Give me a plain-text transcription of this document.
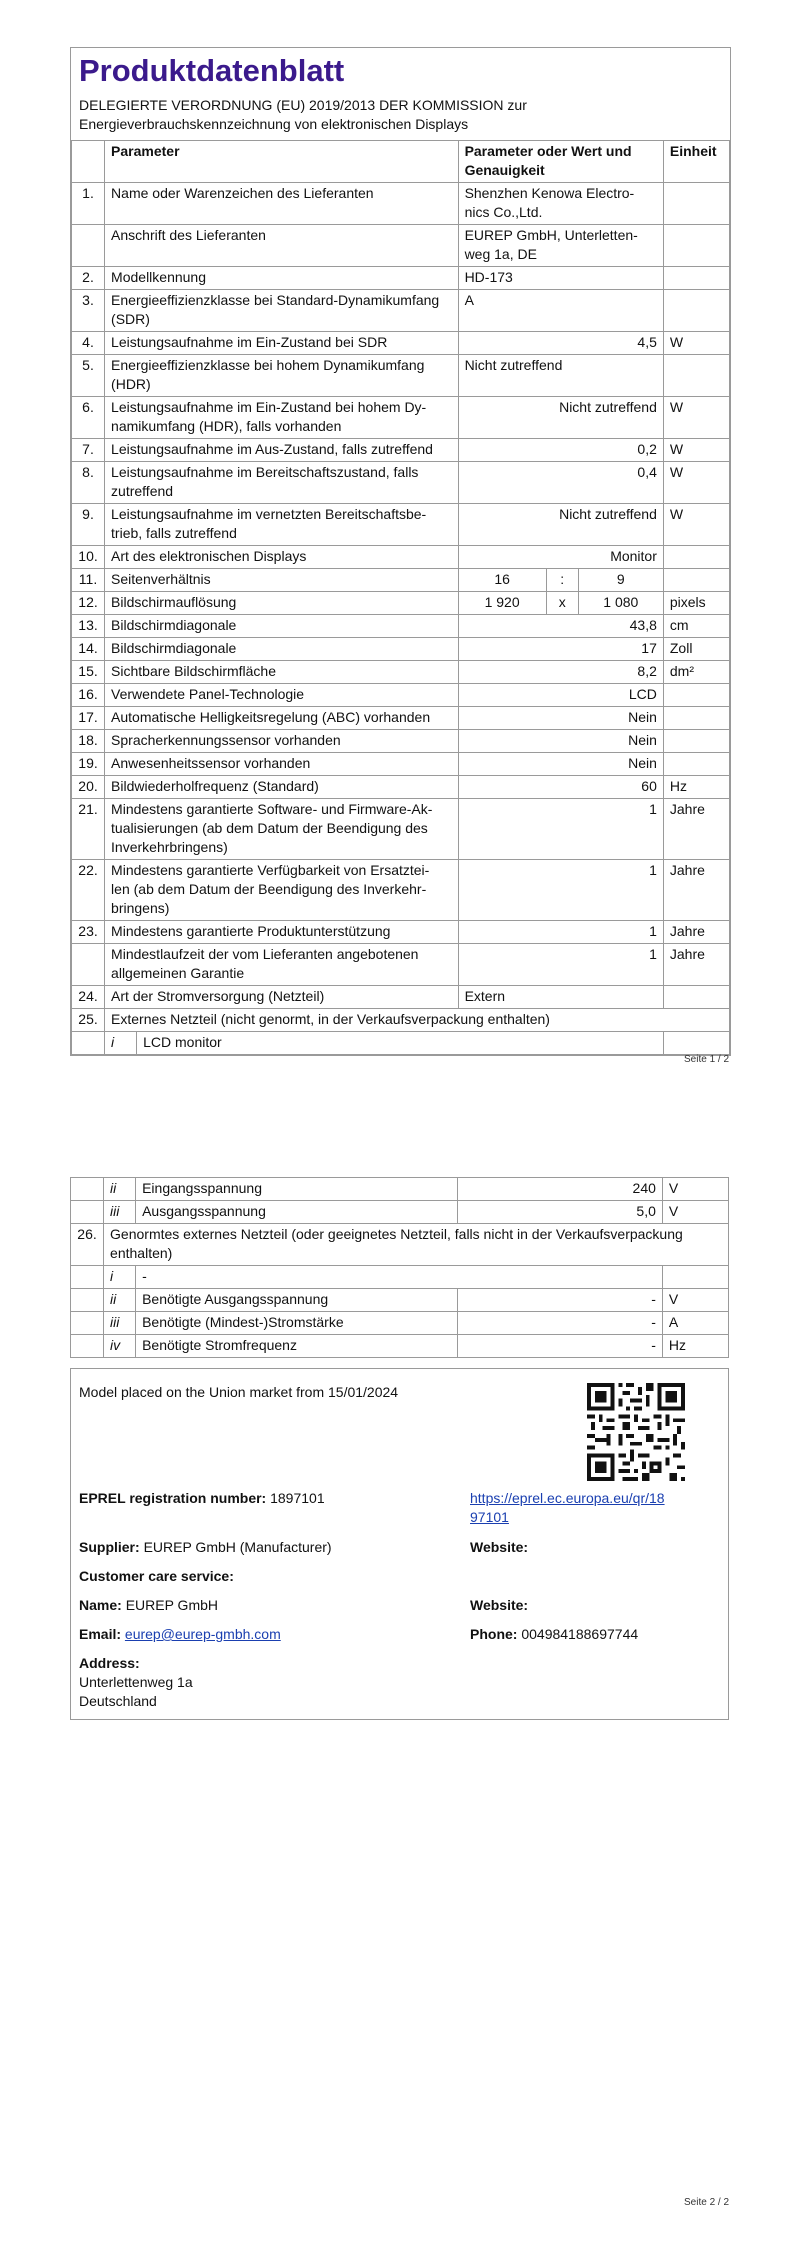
Produktdatenblatt
DELEGIERTE VERORDNUNG (EU) 2019/2013 DER KOMMISSION zur
Energieverbrauchskennzeichnung von elektronischen Displays
	Parameter		Parameter oder Wert und
Genauigkeit			Einheit
1.	Name oder Warenzeichen des Lieferanten		Shenzhen Kenowa Electro-
nics Co.,Ltd.			

	Anschrift des Lieferanten		EUREP GmbH, Unterletten-
weg 1a, DE			

2.	Modellkennung		HD-173			
3.	Energieeffizienzklasse bei Standard-Dynamikumfang
(SDR)		A			
4.	Leistungsaufnahme im Ein-Zustand bei SDR		4,5			W
5.	Energieeffizienzklasse bei hohem Dynamikumfang
(HDR)		Nicht zutreffend			
6.	Leistungsaufnahme im Ein-Zustand bei hohem Dy-
namikumfang (HDR), falls vorhanden		Nicht zutreffend			W
7.	Leistungsaufnahme im Aus-Zustand, falls zutreffend		0,2			W
8.	Leistungsaufnahme im Bereitschaftszustand, falls
zutreffend		0,4			W
9.	Leistungsaufnahme im vernetzten Bereitschaftsbe-
trieb, falls zutreffend		Nicht zutreffend			W
10.	Art des elektronischen Displays		Monitor			
11.	Seitenverhältnis		16	:	9	
12.	Bildschirmauflösung		1 920	x	1 080	pixels
13.	Bildschirmdiagonale		43,8			cm
14.	Bildschirmdiagonale		17			Zoll
15.	Sichtbare Bildschirmfläche		8,2			dm²
16.	Verwendete Panel-Technologie		LCD			
17.	Automatische Helligkeitsregelung (ABC) vorhanden		Nein			
18.	Spracherkennungssensor vorhanden		Nein			
19.	Anwesenheitssensor vorhanden		Nein			
20.	Bildwiederholfrequenz (Standard)		60			Hz
21.	Mindestens garantierte Software- und Firmware-Ak-
tualisierungen (ab dem Datum der Beendigung des
Inverkehrbringens)		1			Jahre
22.	Mindestens garantierte Verfügbarkeit von Ersatztei-
len (ab dem Datum der Beendigung des Inverkehr-
bringens)		1			Jahre
23.	Mindestens garantierte Produktunterstützung		1			Jahre

	Mindestlaufzeit der vom Lieferanten angebotenen
allgemeinen Garantie		1			Jahre
24.	Art der Stromversorgung (Netzteil)		Extern			
25.	Externes Netzteil (nicht genormt, in der Verkaufsverpackung enthalten)					
	i	LCD monitor				
Seite 1 / 2
	ii	Eingangsspannung	240	V
	iii	Ausgangsspannung	5,0	V
26.	Genormtes externes Netzteil (oder geeignetes Netzteil, falls nicht in der Verkaufsverpackung
enthalten)			

	i	-		
	ii	Benötigte Ausgangsspannung	-	V
	iii	Benötigte (Mindest-)Stromstärke	-	A
	iv	Benötigte Stromfrequenz	-	Hz
Model placed on the Union market from 15/01/2024
EPREL registration number: 1897101	https://eprel.ec.europa.eu/qr/18
97101
Supplier: EUREP GmbH (Manufacturer)	Website:
Customer care service:
Name: EUREP GmbH	Website:
Email: eurep@eurep-gmbh.com	Phone: 004984188697744
Address:
Unterlettenweg 1a
Deutschland
Seite 2 / 2
